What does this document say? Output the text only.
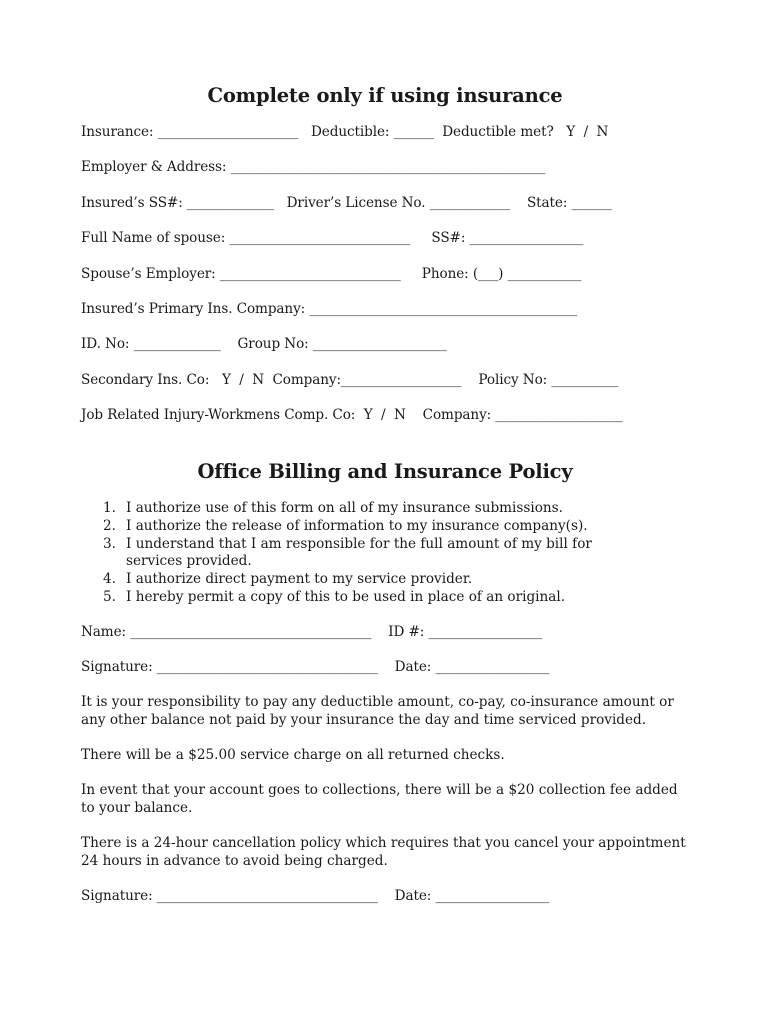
Complete only if using insurance
Insurance: _____________________   Deductible: ______  Deductible met?   Y  /  N
Employer & Address: _______________________________________________
Insured’s SS#: _____________   Driver’s License No. ____________    State: ______
Full Name of spouse: ___________________________     SS#: _________________
Spouse’s Employer: ___________________________     Phone: (___) ___________
Insured’s Primary Ins. Company: ________________________________________
ID. No: _____________    Group No: ____________________
Secondary Ins. Co:   Y  /  N  Company:__________________    Policy No: __________
Job Related Injury-Workmens Comp. Co:  Y  /  N    Company: ___________________
Office Billing and Insurance Policy
1. I authorize use of this form on all of my insurance submissions.
2. I authorize the release of information to my insurance company(s).
3. I understand that I am responsible for the full amount of my bill for services provided.
4. I authorize direct payment to my service provider.
5. I hereby permit a copy of this to be used in place of an original.
Name: ____________________________________    ID #: _________________
Signature: _________________________________    Date: _________________

It is your responsibility to pay any deductible amount, co-pay, co-insurance amount or any other balance not paid by your insurance the day and time serviced provided.

There will be a $25.00 service charge on all returned checks.

In event that your account goes to collections, there will be a $20 collection fee added to your balance.

There is a 24-hour cancellation policy which requires that you cancel your appointment 24 hours in advance to avoid being charged.

Signature: _________________________________    Date: _________________
